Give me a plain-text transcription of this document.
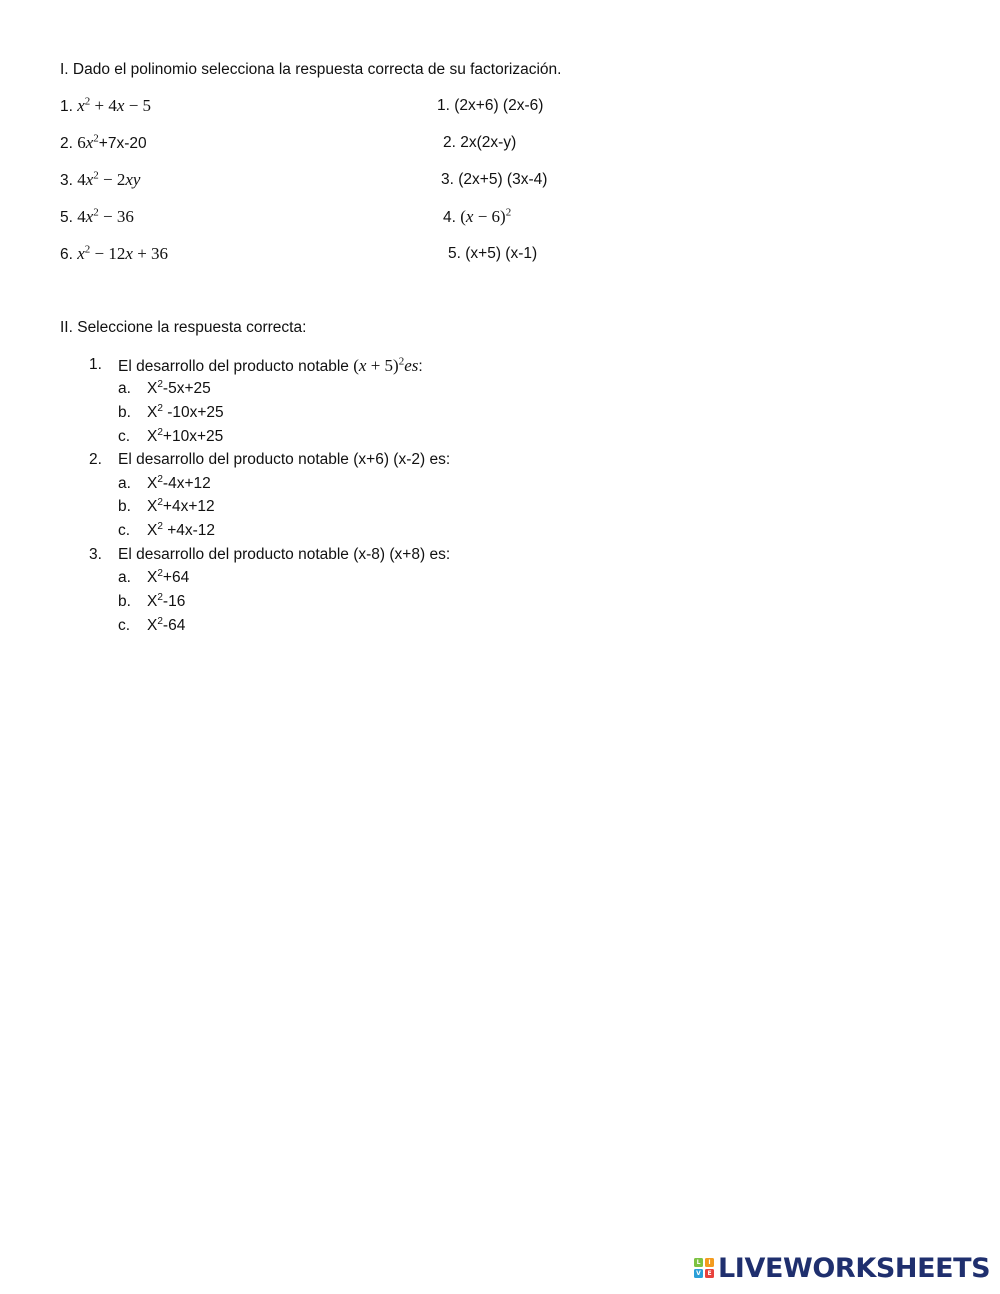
I. Dado el polinomio selecciona la respuesta correcta de su factorización.
1. $x^2 + 4x - 5$
2. $6x^2+7x-20$
3. $4x^2 - 2xy$
5. $4x^2 - 36$
6. $x^2 - 12x + 36$
1. (2x+6) (2x-6)
2. 2x(2x-y)
3. (2x+5) (3x-4)
4. $(x - 6)^2$
5. (x+5) (x-1)
II. Seleccione la respuesta correcta:
1. El desarrollo del producto notable $(x + 5)^2es$:
a. $X^2-5x+25$
b. $X^2$ -10x+25
c. $X^2+10x+25$
2. El desarrollo del producto notable (x+6) (x-2) es:
a. $X^2-4x+12$
b. $X^2+4x+12$
c. $X^2 +4x-12$
3. El desarrollo del producto notable (x-8) (x+8) es:
a. $X^2+64$
b. $X^2-16$
c. $X^2-64$
L	I
V	E LIVEWORKSHEETS
